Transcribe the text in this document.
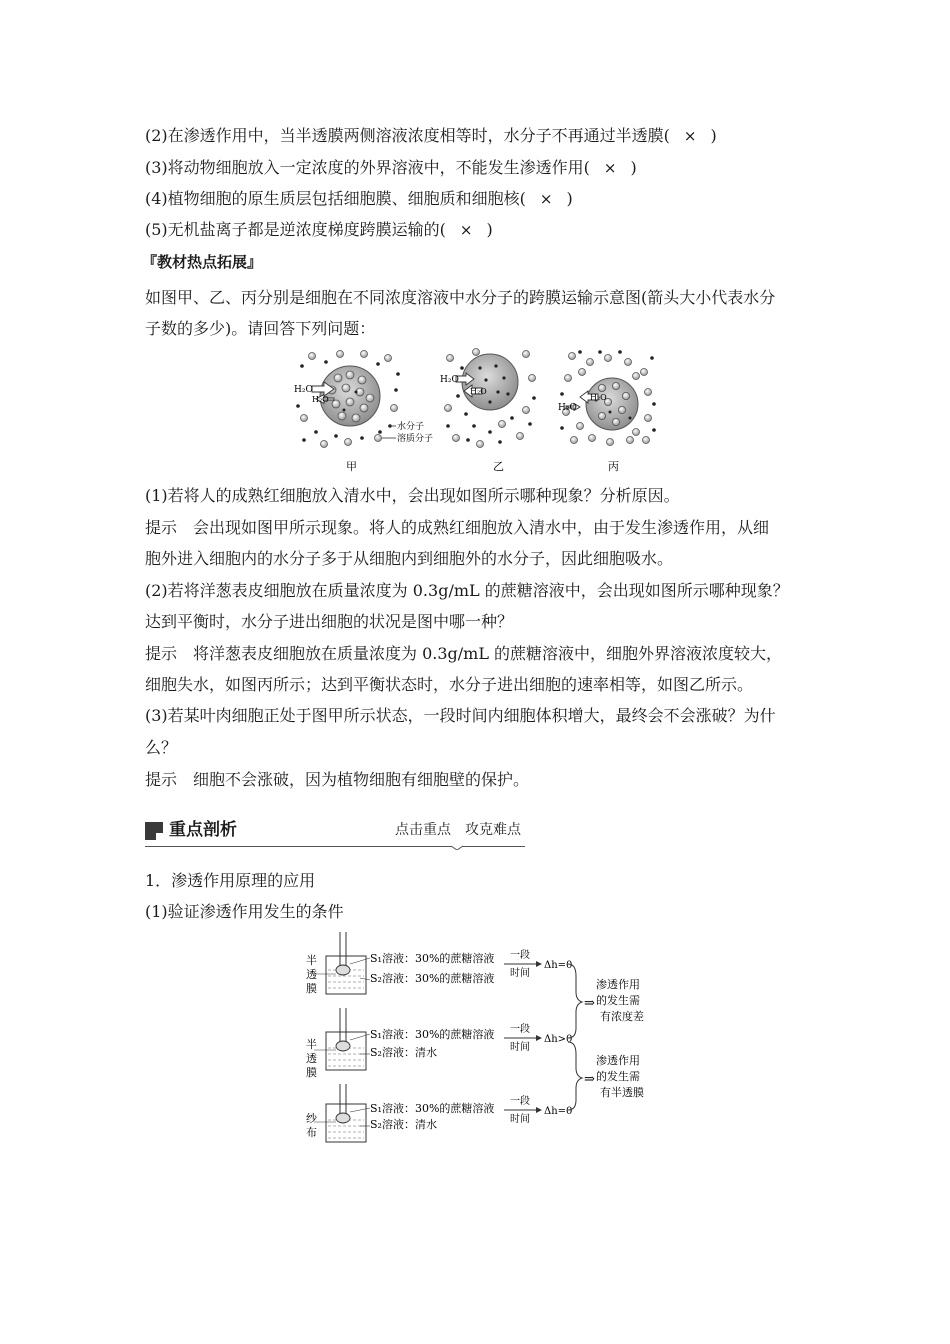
(2)在渗透作用中，当半透膜两侧溶液浓度相等时，水分子不再通过半透膜( × )
(3)将动物细胞放入一定浓度的外界溶液中，不能发生渗透作用( × )
(4)植物细胞的原生质层包括细胞膜、细胞质和细胞核( × )
(5)无机盐离子都是逆浓度梯度跨膜运输的( × )
『教材热点拓展』
如图甲、乙、丙分别是细胞在不同浓度溶液中水分子的跨膜运输示意图(箭头大小代表水分
子数的多少)。请回答下列问题：
H₂O
H₂O
水分子
溶质分子
甲
H₂O
H₂O
乙
H₂O
H₂O
丙
(1)若将人的成熟红细胞放入清水中，会出现如图所示哪种现象？分析原因。
提示　会出现如图甲所示现象。将人的成熟红细胞放入清水中，由于发生渗透作用，从细
胞外进入细胞内的水分子多于从细胞内到细胞外的水分子，因此细胞吸水。
(2)若将洋葱表皮细胞放在质量浓度为 0.3g/mL 的蔗糖溶液中，会出现如图所示哪种现象？
达到平衡时，水分子进出细胞的状况是图中哪一种？
提示　将洋葱表皮细胞放在质量浓度为 0.3g/mL 的蔗糖溶液中，细胞外界溶液浓度较大，
细胞失水，如图丙所示；达到平衡状态时，水分子进出细胞的速率相等，如图乙所示。
(3)若某叶肉细胞正处于图甲所示状态，一段时间内细胞体积增大，最终会不会涨破？为什
么？
提示　细胞不会涨破，因为植物细胞有细胞壁的保护。
重点剖析	点击重点　攻克难点
1．渗透作用原理的应用
(1)验证渗透作用发生的条件
半
透
膜
S₁溶液：30%的蔗糖溶液
S₂溶液：30%的蔗糖溶液
一段
时间
Δh=0
半
透
膜
S₁溶液：30%的蔗糖溶液
S₂溶液：清水
一段
时间
Δh>0
纱
布
S₁溶液：30%的蔗糖溶液
S₂溶液：清水
一段
时间
Δh=0
⇒
渗透作用
的发生需
有浓度差
⇒
渗透作用
的发生需
有半透膜
